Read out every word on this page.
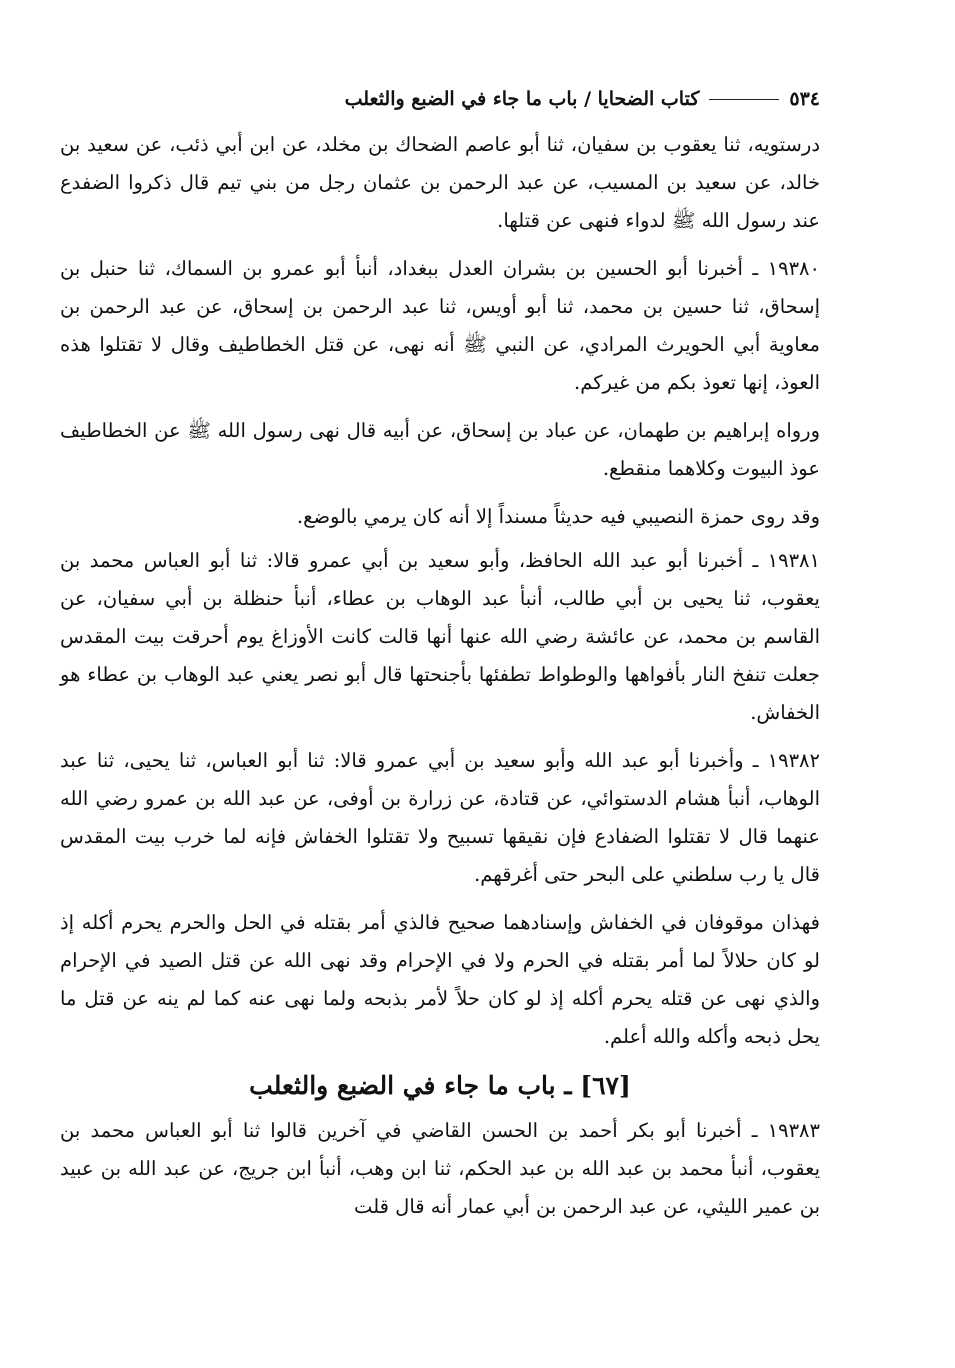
٥٣٤
كتاب الضحايا / باب ما جاء في الضبع والثعلب

درستويه، ثنا يعقوب بن سفيان، ثنا أبو عاصم الضحاك بن مخلد، عن ابن أبي ذئب، عن سعيد بن خالد، عن سعيد بن المسيب، عن عبد الرحمن بن عثمان رجل من بني تيم قال ذكروا الضفدع عند رسول الله ﷺ لدواء فنهى عن قتلها.

١٩٣٨٠ ـ أخبرنا أبو الحسين بن بشران العدل ببغداد، أنبأ أبو عمرو بن السماك، ثنا حنبل بن إسحاق، ثنا حسين بن محمد، ثنا أبو أويس، ثنا عبد الرحمن بن إسحاق، عن عبد الرحمن بن معاوية أبي الحويرث المرادي، عن النبي ﷺ أنه نهى، عن قتل الخطاطيف وقال لا تقتلوا هذه العوذ، إنها تعوذ بكم من غيركم.

ورواه إبراهيم بن طهمان، عن عباد بن إسحاق، عن أبيه قال نهى رسول الله ﷺ عن الخطاطيف عوذ البيوت وكلاهما منقطع.

وقد روى حمزة النصيبي فيه حديثاً مسنداً إلا أنه كان يرمي بالوضع.

١٩٣٨١ ـ أخبرنا أبو عبد الله الحافظ، وأبو سعيد بن أبي عمرو قالا: ثنا أبو العباس محمد بن يعقوب، ثنا يحيى بن أبي طالب، أنبأ عبد الوهاب بن عطاء، أنبأ حنظلة بن أبي سفيان، عن القاسم بن محمد، عن عائشة رضي الله عنها أنها قالت كانت الأوزاغ يوم أحرقت بيت المقدس جعلت تنفخ النار بأفواهها والوطواط تطفئها بأجنحتها قال أبو نصر يعني عبد الوهاب بن عطاء هو الخفاش.

١٩٣٨٢ ـ وأخبرنا أبو عبد الله وأبو سعيد بن أبي عمرو قالا: ثنا أبو العباس، ثنا يحيى، ثنا عبد الوهاب، أنبأ هشام الدستوائي، عن قتادة، عن زرارة بن أوفى، عن عبد الله بن عمرو رضي الله عنهما قال لا تقتلوا الضفادع فإن نقيقها تسبيح ولا تقتلوا الخفاش فإنه لما خرب بيت المقدس قال يا رب سلطني على البحر حتى أغرقهم.

فهذان موقوفان في الخفاش وإسنادهما صحيح فالذي أمر بقتله في الحل والحرم يحرم أكله إذ لو كان حلالاً لما أمر بقتله في الحرم ولا في الإحرام وقد نهى الله عن قتل الصيد في الإحرام والذي نهى عن قتله يحرم أكله إذ لو كان حلاً لأمر بذبحه ولما نهى عنه كما لم ينه عن قتل ما يحل ذبحه وأكله والله أعلم.

[٦٧] ـ باب ما جاء في الضبع والثعلب

١٩٣٨٣ ـ أخبرنا أبو بكر أحمد بن الحسن القاضي في آخرين قالوا ثنا أبو العباس محمد بن يعقوب، أنبأ محمد بن عبد الله بن عبد الحكم، ثنا ابن وهب، أنبأ ابن جريج، عن عبد الله بن عبيد بن عمير الليثي، عن عبد الرحمن بن أبي عمار أنه قال قلت
